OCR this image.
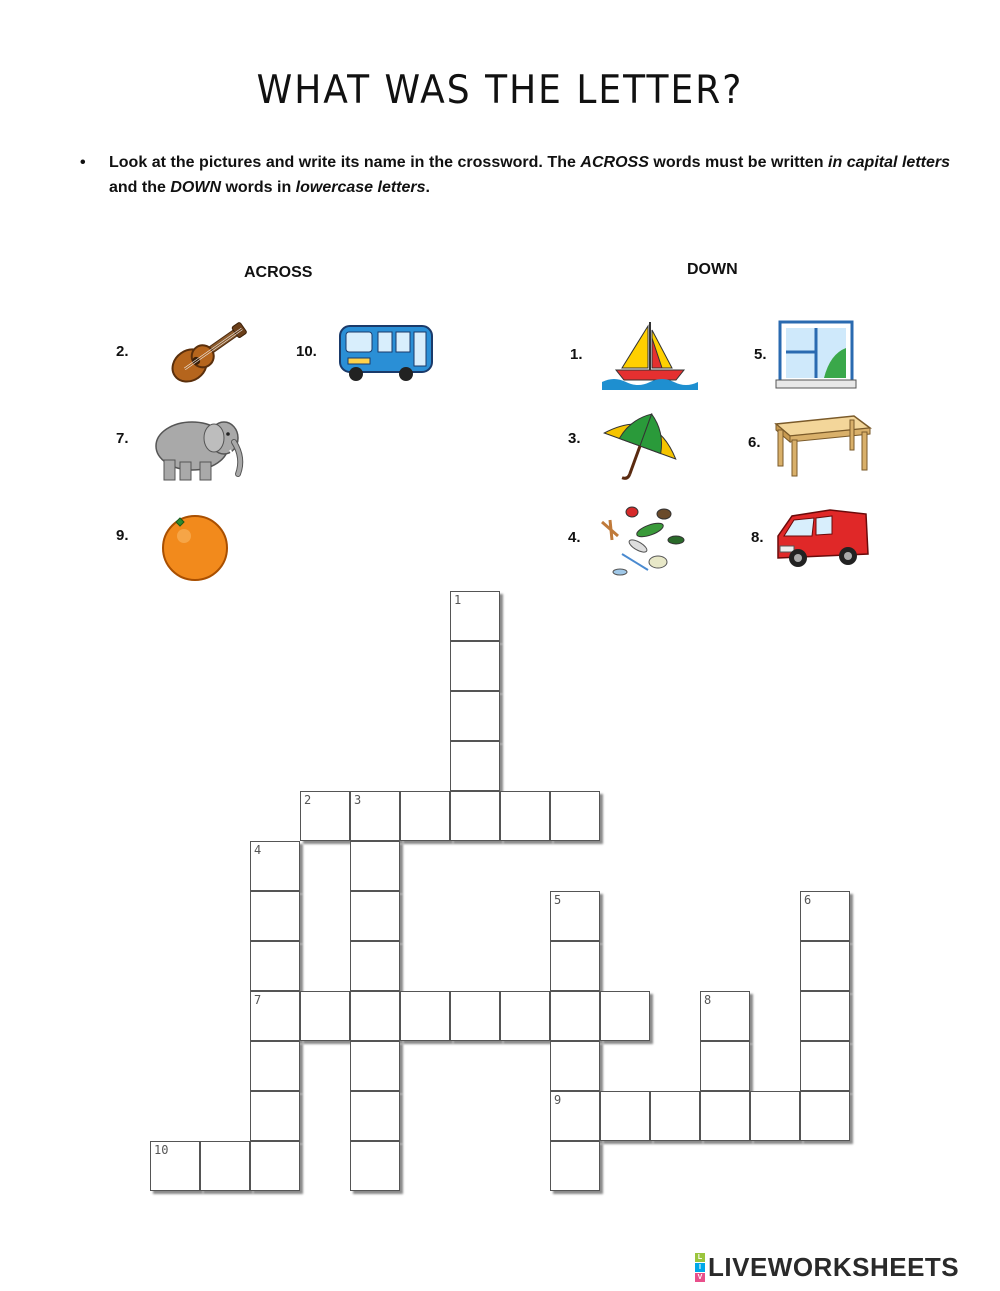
WHAT WAS THE LETTER?
• Look at the pictures and write its name in the crossword. The ACROSS words must be written in capital letters and the DOWN words in lowercase letters.
ACROSS	DOWN
2.	10.
7.
9.
1.	5.
3.	6.
4.	8.
1
2	3
4
5	6
7	8
9
10
L
I
V LIVEWORKSHEETS
